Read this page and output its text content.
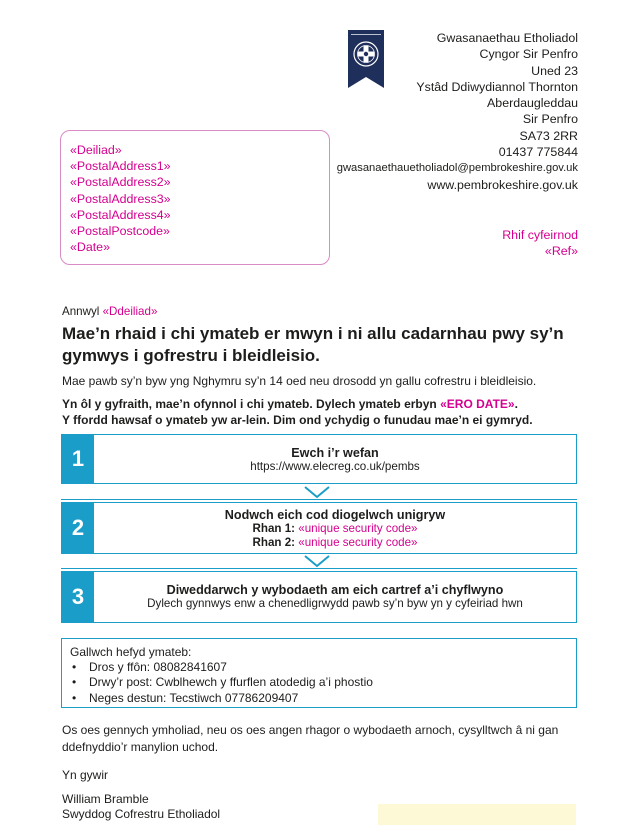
Gwasanaethau Etholiadol
Cyngor Sir Penfro
Uned 23
Ystâd Ddiwydiannol Thornton
Aberdaugleddau
Sir Penfro
SA73 2RR
01437 775844
gwasanaethauetholiadol@pembrokeshire.gov.uk
www.pembrokeshire.gov.uk
«Deiliad»
«PostalAddress1»
«PostalAddress2»
«PostalAddress3»
«PostalAddress4»
«PostalPostcode»
«Date»
Rhif cyfeirnod
«Ref»
Annwyl «Ddeiliad»
Mae’n rhaid i chi ymateb er mwyn i ni allu cadarnhau pwy sy’n gymwys i gofrestru i bleidleisio.
Mae pawb sy’n byw yng Nghymru sy’n 14 oed neu drosodd yn gallu cofrestru i bleidleisio.
Yn ôl y gyfraith, mae’n ofynnol i chi ymateb. Dylech ymateb erbyn «ERO DATE».
Y ffordd hawsaf o ymateb yw ar-lein. Dim ond ychydig o funudau mae’n ei gymryd.
1	Ewch i’r wefan
https://www.elecreg.co.uk/pembs
2	Nodwch eich cod diogelwch unigryw
Rhan 1: «unique security code»
Rhan 2: «unique security code»
3	Diweddarwch y wybodaeth am eich cartref a’i chyflwyno
Dylech gynnwys enw a chenedligrwydd pawb sy’n byw yn y cyfeiriad hwn
Gallwch hefyd ymateb:
• Dros y ffôn: 08082841607
• Drwy’r post: Cwblhewch y ffurflen atodedig a’i phostio
• Neges destun: Tecstiwch 07786209407
Os oes gennych ymholiad, neu os oes angen rhagor o wybodaeth arnoch, cysylltwch â ni gan ddefnyddio’r manylion uchod.
Yn gywir
William Bramble
Swyddog Cofrestru Etholiadol
